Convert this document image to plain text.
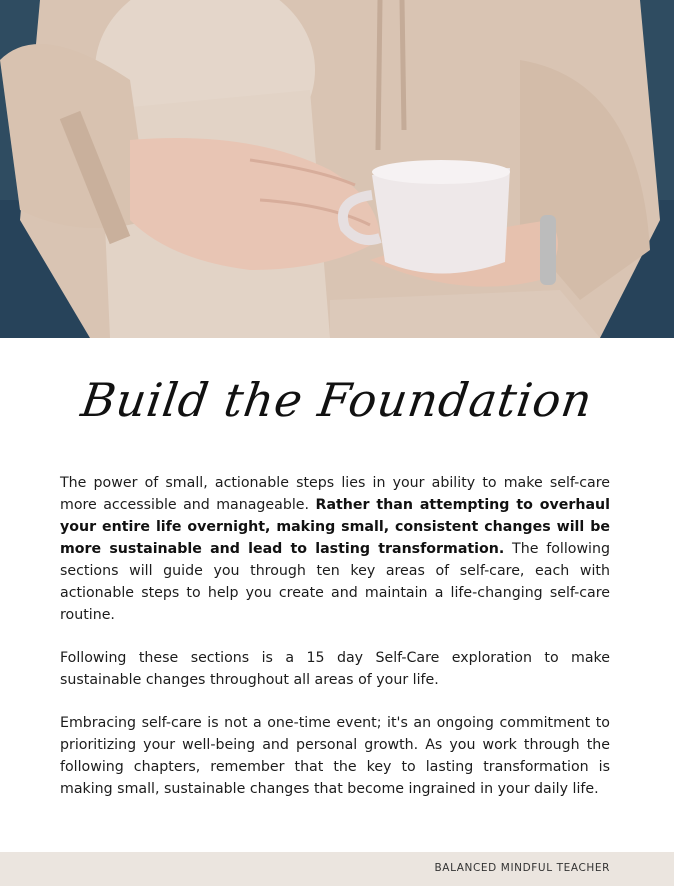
Build the Foundation

The power of small, actionable steps lies in your ability to make self-care more accessible and manageable. Rather than attempting to overhaul your entire life overnight, making small, consistent changes will be more sustainable and lead to lasting transformation. The following sections will guide you through ten key areas of self-care, each with actionable steps to help you create and maintain a life-changing self-care routine.

Following these sections is a 15 day Self-Care exploration to make sustainable changes throughout all areas of your life.

Embracing self-care is not a one-time event; it's an ongoing commitment to prioritizing your well-being and personal growth. As you work through the following chapters, remember that the key to lasting transformation is making small, sustainable changes that become ingrained in your daily life.

BALANCED MINDFUL TEACHER
